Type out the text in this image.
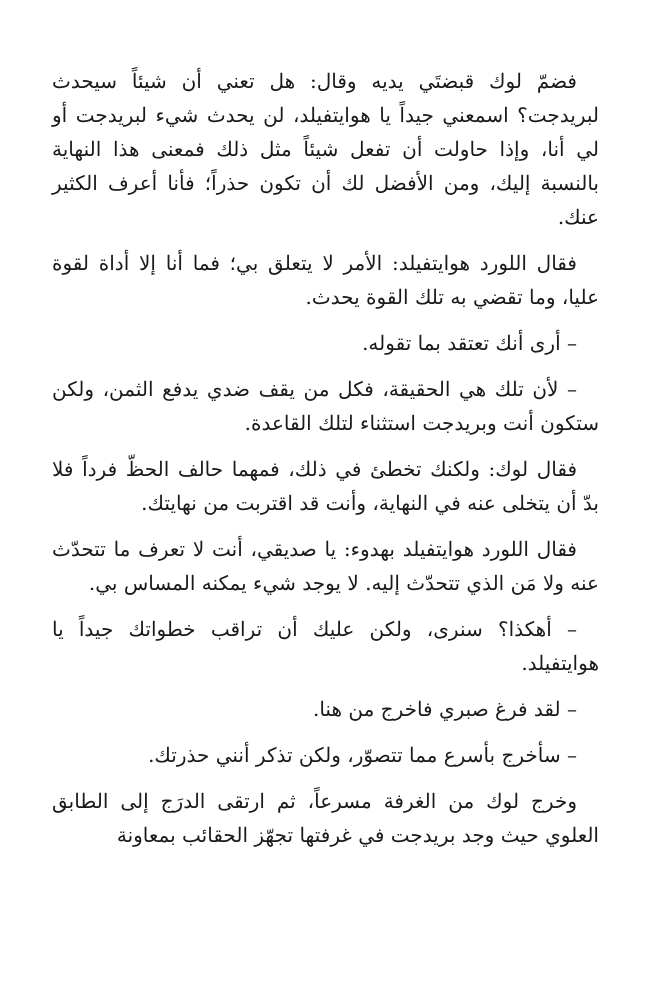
فضمّ لوك قبضتَي يديه وقال: هل تعني أن شيئاً سيحدث لبريدجت؟ اسمعني جيداً يا هوايتفيلد، لن يحدث شيء لبريدجت أو لي أنا، وإذا حاولت أن تفعل شيئاً مثل ذلك فمعنى هذا النهاية بالنسبة إليك، ومن الأفضل لك أن تكون حذراً؛ فأنا أعرف الكثير عنك.

فقال اللورد هوايتفيلد: الأمر لا يتعلق بي؛ فما أنا إلا أداة لقوة عليا، وما تقضي به تلك القوة يحدث.

– أرى أنك تعتقد بما تقوله.

– لأن تلك هي الحقيقة، فكل من يقف ضدي يدفع الثمن، ولكن ستكون أنت وبريدجت استثناء لتلك القاعدة.

فقال لوك: ولكنك تخطئ في ذلك، فمهما حالف الحظّ فرداً فلا بدّ أن يتخلى عنه في النهاية، وأنت قد اقتربت من نهايتك.

فقال اللورد هوايتفيلد بهدوء: يا صديقي، أنت لا تعرف ما تتحدّث عنه ولا مَن الذي تتحدّث إليه. لا يوجد شيء يمكنه المساس بي.

– أهكذا؟ سنرى، ولكن عليك أن تراقب خطواتك جيداً يا هوايتفيلد.

– لقد فرغ صبري فاخرج من هنا.

– سأخرج بأسرع مما تتصوّر، ولكن تذكر أنني حذرتك.

وخرج لوك من الغرفة مسرعاً، ثم ارتقى الدرَج إلى الطابق العلوي حيث وجد بريدجت في غرفتها تجهّز الحقائب بمعاونة
